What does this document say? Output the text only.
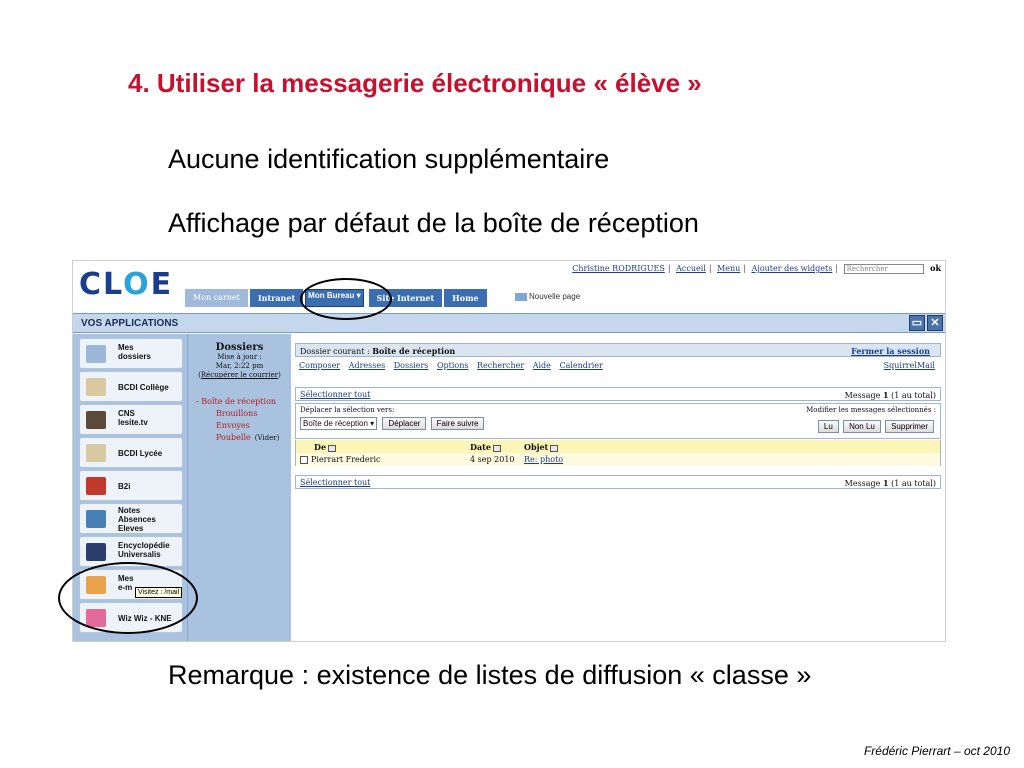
4. Utiliser la messagerie électronique « élève »
Aucune identification supplémentaire
Affichage par défaut de la boîte de réception
CLOE	Christine RODRIGUES | Accueil | Menu | Ajouter des widgets | Rechercher	ok
Mon carnet	Intranet	Mon Bureau ▾	Site Internet	Home	Nouvelle page
VOS APPLICATIONS	▭ ✕
Mes
dossiers
BCDI Collège
CNS
lesite.tv
BCDI Lycée
B2i
Notes
Absences
Eleves
Encyclopédie
Universalis
Mes
e-m
Wiz Wiz - KNE
Visitez : /mail
Dossiers
Mise à jour :
Mar, 2:22 pm
(Récupérer le courrier)
- Boîte de réception
Brouillons
Envoyes
Poubelle (Vider)
Dossier courant : Boîte de réception	Fermer la session
Composer Adresses Dossiers Options Rechercher Aide Calendrier	SquirrelMail
Sélectionner tout	Message 1 (1 au total)
Déplacer la sélection vers:	Modifier les messages sélectionnés :
Boîte de réception ▾ Déplacer Faire suivre	Lu Non Lu Supprimer
De	Date	Objet
Pierrart Frederic	4 sep 2010 Re: photo
Sélectionner tout	Message 1 (1 au total)
Remarque : existence de listes de diffusion « classe »
Frédéric Pierrart – oct 2010
